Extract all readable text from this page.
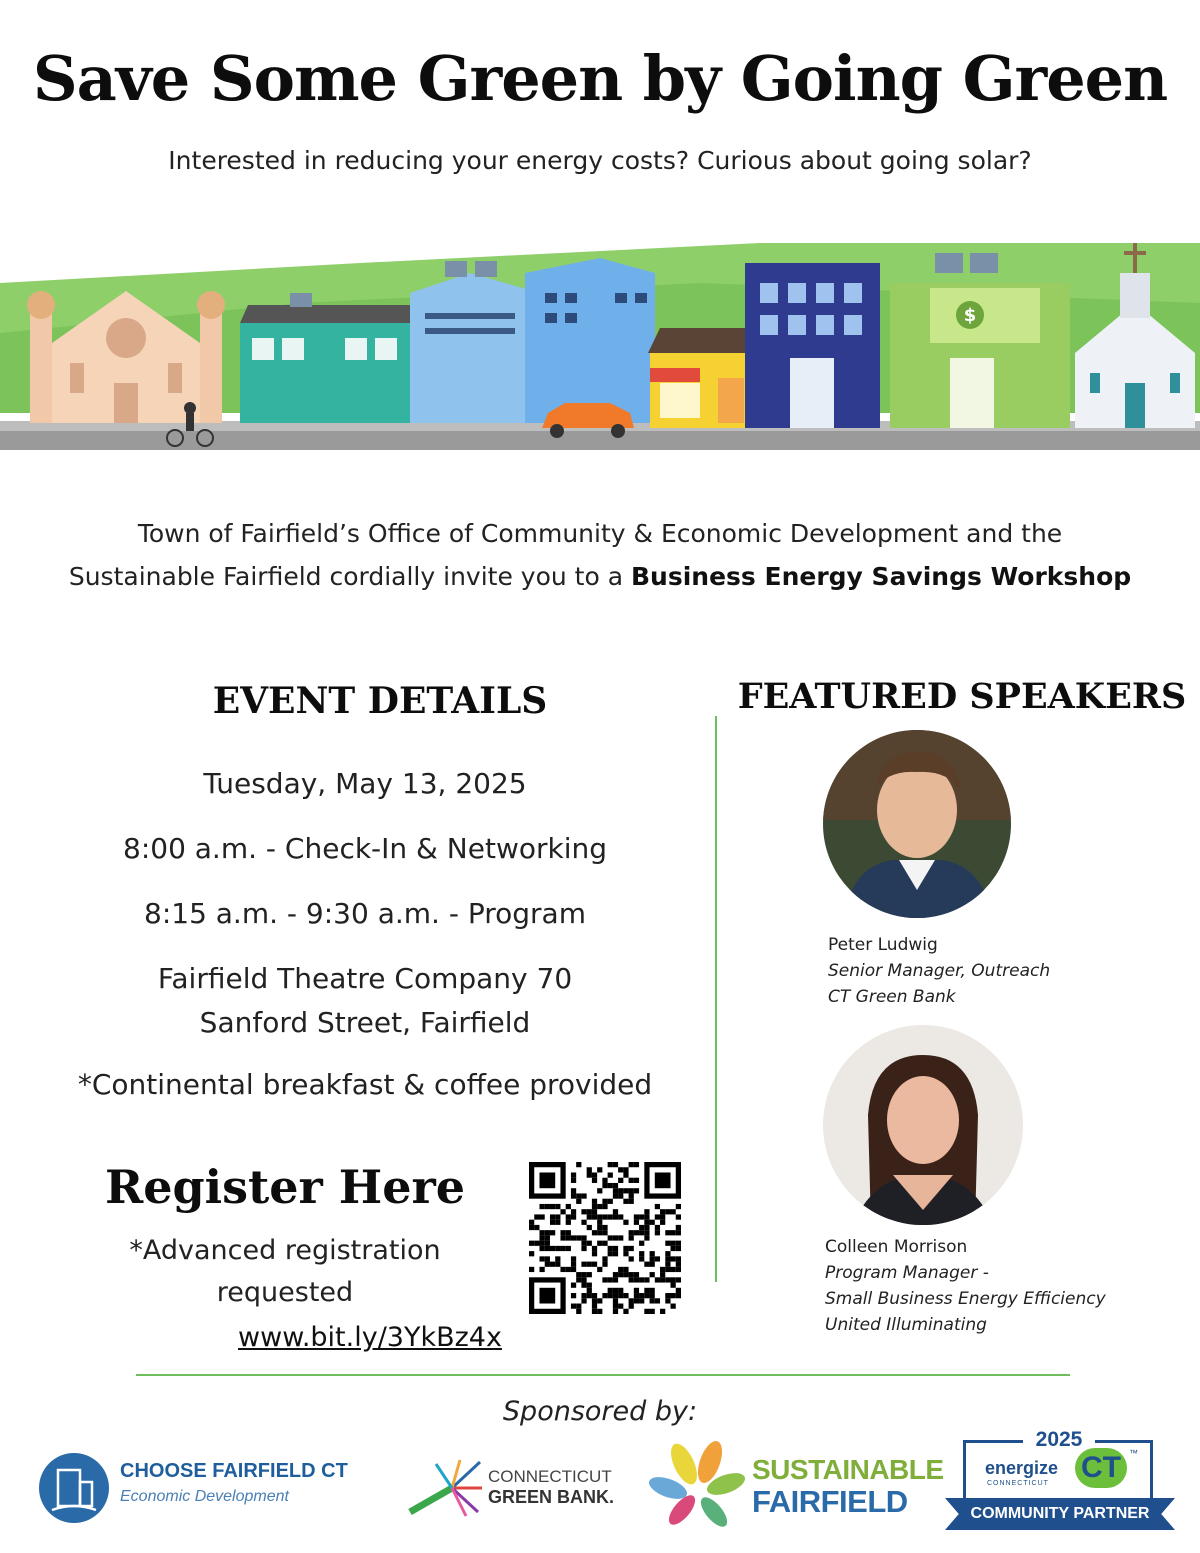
Save Some Green by Going Green
Interested in reducing your energy costs? Curious about going solar?
$
Town of Fairfield’s Office of Community & Economic Development and the
Sustainable Fairfield cordially invite you to a Business Energy Savings Workshop
EVENT DETAILS	FEATURED SPEAKERS
Tuesday, May 13, 2025
8:00 a.m. - Check-In & Networking
8:15 a.m. - 9:30 a.m. - Program
Fairfield Theatre Company 70
Sanford Street, Fairfield
*Continental breakfast & coffee provided
Register Here
*Advanced registration
requested
www.bit.ly/3YkBz4x
Peter Ludwig
Senior Manager, Outreach
CT Green Bank
Colleen Morrison
Program Manager -
Small Business Energy Efficiency
United Illuminating
Sponsored by:
CHOOSE FAIRFIELD CT
Economic Development
CONNECTICUT
GREEN BANK.
SUSTAINABLE
FAIRFIELD
2025
energize
CONNECTICUT CT ™
COMMUNITY PARTNER
